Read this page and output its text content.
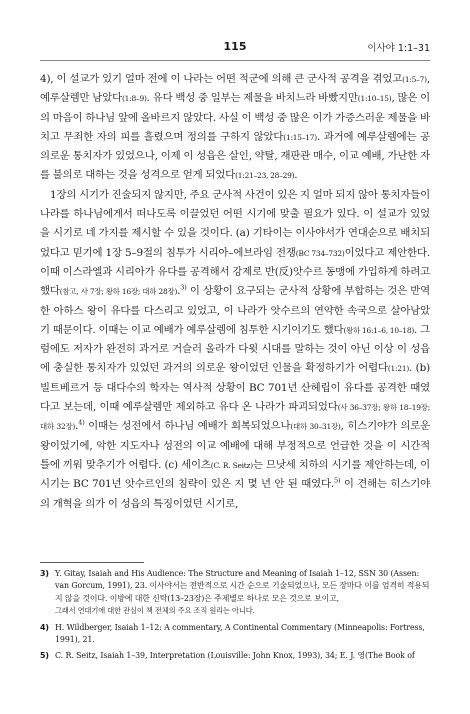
115	이사야 1:1–31

4), 이 설교가 있기 얼마 전에 이 나라는 어떤 적군에 의해 큰 군사적 공격을 겪었고(1:5–7), 예루살렘만 남았다(1:8–9). 유다 백성 중 일부는 제물을 바치느라 바빴지만(1:10–15), 많은 이의 마음이 하나님 앞에 올바르지 않았다. 사실 이 백성 중 많은 이가 가증스러운 제물을 바치고 무죄한 자의 피를 흘렸으며 정의를 구하지 않았다(1:15–17). 과거에 예루살렘에는 공의로운 통치자가 있었으나, 이제 이 성읍은 살인, 약탈, 재판관 매수, 이교 예배, 가난한 자를 불의로 대하는 것을 성격으로 얻게 되었다(1:21–23, 28–29).

1장의 시기가 진술되지 않지만, 주요 군사적 사건이 있은 지 얼마 되지 않아 통치자들이 나라를 하나님에게서 떠나도록 이끌었던 어떤 시기에 맞출 필요가 있다. 이 설교가 있었을 시기로 네 가지를 제시할 수 있을 것이다. (a) 기타이는 이사야서가 연대순으로 배치되었다고 믿기에 1장 5–9절의 침투가 시리아–에브라임 전쟁(BC 734–732)이었다고 제안한다. 이때 이스라엘과 시리아가 유다를 공격해서 강제로 반(反)앗수르 동맹에 가입하게 하려고 했다(참고, 사 7장; 왕하 16장; 대하 28장).$^{3)}$ 이 상황이 요구되는 군사적 상황에 부합하는 것은 반역한 아하스 왕이 유다를 다스리고 있었고, 이 나라가 앗수르의 연약한 속국으로 살아남았기 때문이다. 이때는 이교 예배가 예루살렘에 침투한 시기이기도 했다(왕하 16:1–6, 10–18). 그럼에도 저자가 완전히 과거로 거슬러 올라가 다윗 시대를 말하는 것이 아닌 이상 이 성읍에 충실한 통치자가 있었던 과거의 의로운 왕이었던 인물을 확정하기가 어렵다(1:21). (b) 빌트베르거 등 대다수의 학자는 역사적 상황이 BC 701년 산헤립이 유다를 공격한 때였다고 보는데, 이때 예루살렘만 제외하고 유다 온 나라가 파괴되었다(사 36–37장; 왕하 18–19장; 대하 32장).$^{4)}$ 이때는 성전에서 하나님 예배가 회복되었으나(대하 30–31장), 히스기야가 의로운 왕이었기에, 악한 지도자나 성전의 이교 예배에 대해 부정적으로 언급한 것을 이 시간적 틀에 끼워 맞추기가 어렵다. (c) 세이츠(C. R. Seitz)는 므낫세 치하의 시기를 제안하는데, 이 시기는 BC 701년 앗수르인의 침략이 있은 지 몇 년 안 된 때였다.$^{5)}$ 이 견해는 히스기야의 개혁을 의가 이 성읍의 특징이었던 시기로,

3) Y. Gitay, Isaiah and His Audience: The Structure and Meaning of Isaiah 1–12, SSN 30 (Assen: van Gorcum, 1991), 23. 이사야서는 전반적으로 시간 순으로 기술되었으나, 모든 장마다 이를 엄격히 적용되지 않을 것이다. 이방에 대한 신탁(13–23장)은 주제별로 하나로 모은 것으로 보이고,
그래서 연대기에 대한 관심이 책 전체의 주요 조직 원리는 아니다.
4) H. Wildberger, Isaiah 1–12: A commentary, A Continental Commentary (Minneapolis: Fortress, 1991), 21.
5) C. R. Seitz, Isaiah 1–39, Interpretation (Louisville: John Knox, 1993), 34; E. J. 영(The Book of
